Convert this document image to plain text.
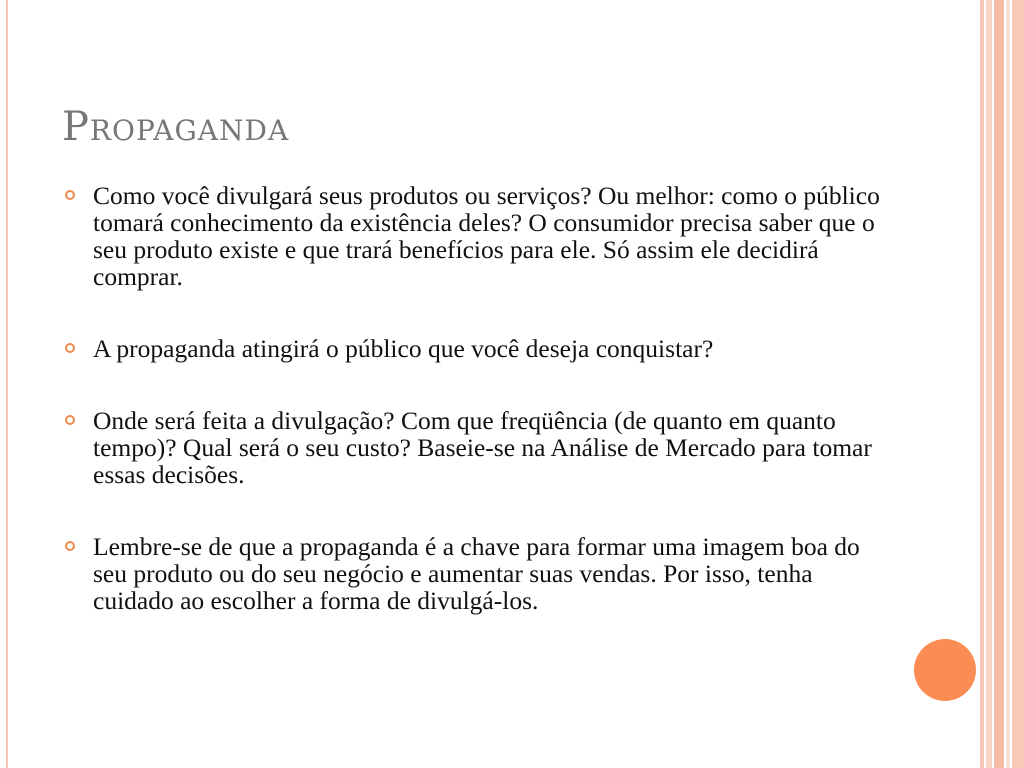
Propaganda
Como você divulgará seus produtos ou serviços? Ou melhor: como o público tomará conhecimento da existência deles? O consumidor precisa saber que o seu produto existe e que trará benefícios para ele. Só assim ele decidirá comprar.
A propaganda atingirá o público que você deseja conquistar?
Onde será feita a divulgação? Com que freqüência (de quanto em quanto tempo)? Qual será o seu custo? Baseie-se na Análise de Mercado para tomar essas decisões.
Lembre-se de que a propaganda é a chave para formar uma imagem boa do seu produto ou do seu negócio e aumentar suas vendas. Por isso, tenha cuidado ao escolher a forma de divulgá-los.
